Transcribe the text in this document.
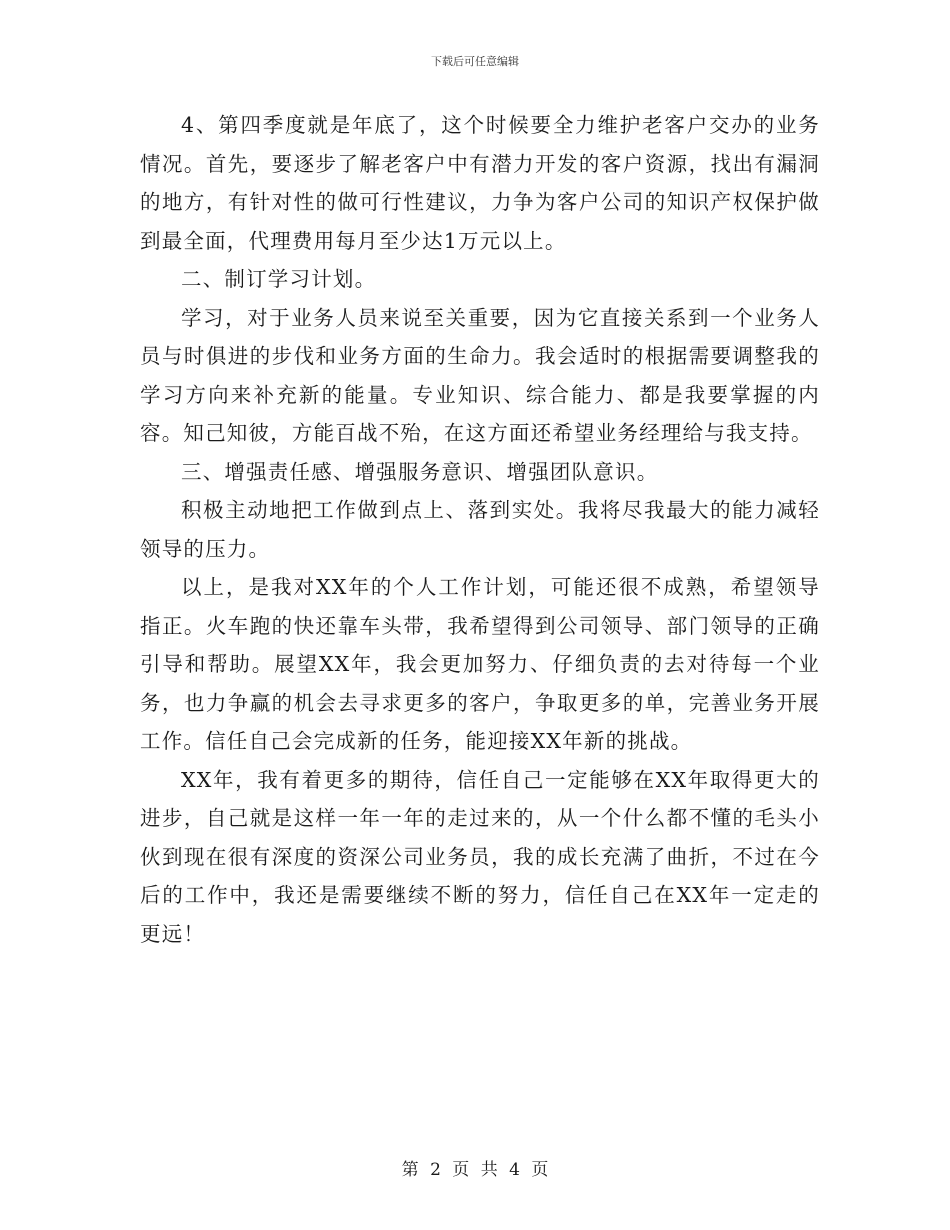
下载后可任意编辑

4、第四季度就是年底了，这个时候要全力维护老客户交办的业务情况。首先，要逐步了解老客户中有潜力开发的客户资源，找出有漏洞的地方，有针对性的做可行性建议，力争为客户公司的知识产权保护做到最全面，代理费用每月至少达1万元以上。

二、制订学习计划。

学习，对于业务人员来说至关重要，因为它直接关系到一个业务人员与时俱进的步伐和业务方面的生命力。我会适时的根据需要调整我的学习方向来补充新的能量。专业知识、综合能力、都是我要掌握的内容。知己知彼，方能百战不殆，在这方面还希望业务经理给与我支持。

三、增强责任感、增强服务意识、增强团队意识。

积极主动地把工作做到点上、落到实处。我将尽我最大的能力减轻领导的压力。

以上，是我对XX年的个人工作计划，可能还很不成熟，希望领导指正。火车跑的快还靠车头带，我希望得到公司领导、部门领导的正确引导和帮助。展望XX年，我会更加努力、仔细负责的去对待每一个业务，也力争赢的机会去寻求更多的客户，争取更多的单，完善业务开展工作。信任自己会完成新的任务，能迎接XX年新的挑战。

XX年，我有着更多的期待，信任自己一定能够在XX年取得更大的进步，自己就是这样一年一年的走过来的，从一个什么都不懂的毛头小伙到现在很有深度的资深公司业务员，我的成长充满了曲折，不过在今后的工作中，我还是需要继续不断的努力，信任自己在XX年一定走的更远！

第 2 页 共 4 页
